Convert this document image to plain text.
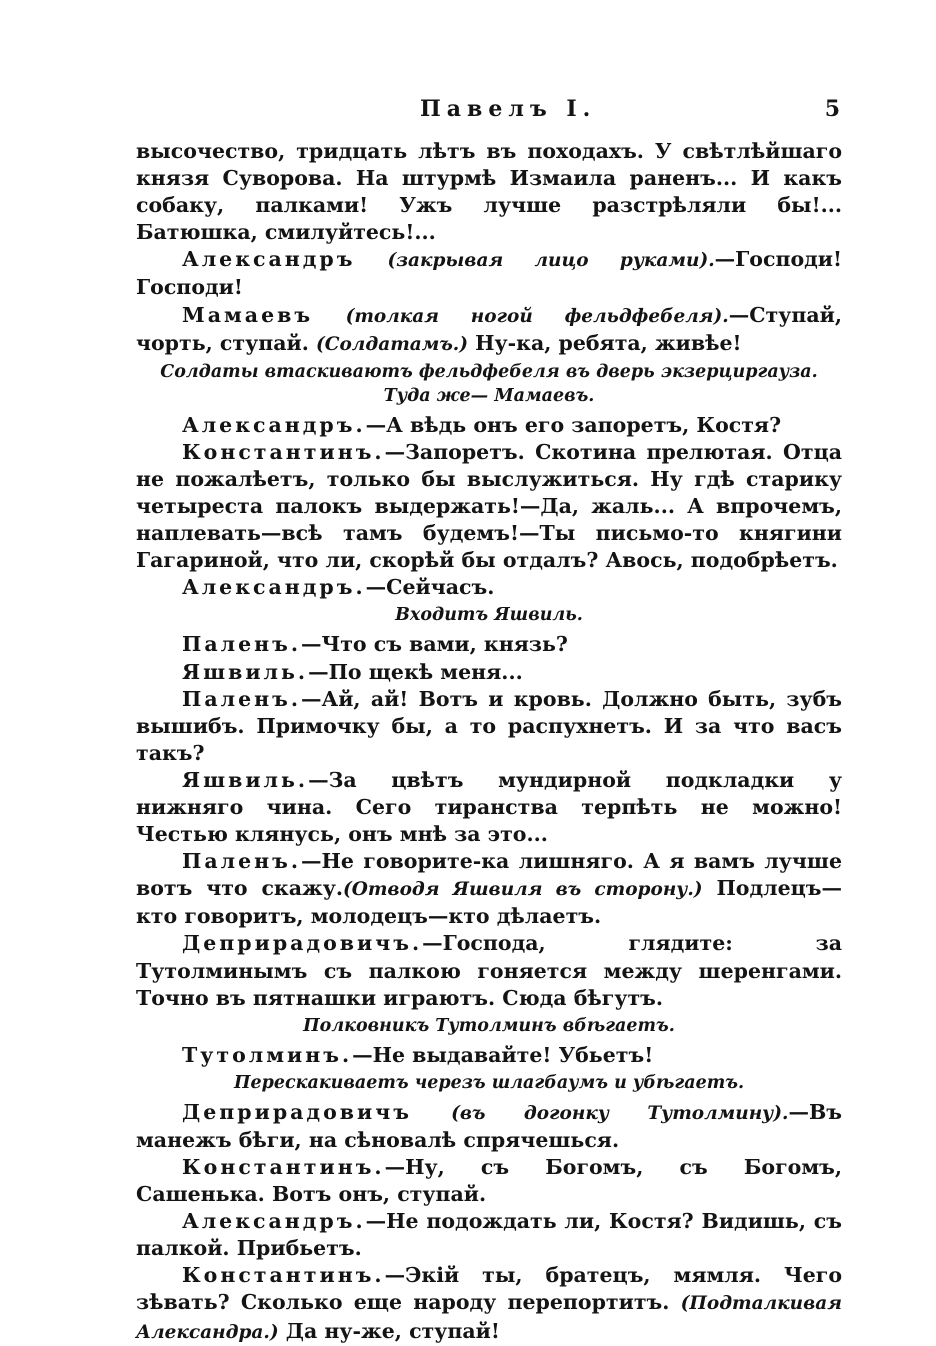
Павелъ I.	5

высочество, тридцать лѣтъ въ походахъ. У свѣтлѣйшаго князя Суворова. На штурмѣ Измаила раненъ... И какъ собаку, палками! Ужъ лучше разстрѣляли бы!... Батюшка, смилуйтесь!...

Александръ (закрывая лицо руками).—Господи! Господи!

Мамаевъ (толкая ногой фельдфебеля).—Ступай, чорть, ступай. (Солдатамъ.) Ну-ка, ребята, живѣе!

Солдаты втаскиваютъ фельдфебеля въ дверь экзерциргауза. Туда же— Мамаевъ.

Александръ.—А вѣдь онъ его запоретъ, Костя?

Константинъ.—Запоретъ. Скотина прелютая. Отца не пожалѣетъ, только бы выслужиться. Ну гдѣ старику четыреста палокъ выдержать!—Да, жаль... А впрочемъ, наплевать—всѣ тамъ будемъ!—Ты письмо-то княгини Гагариной, что ли, скорѣй бы отдалъ? Авось, подобрѣетъ.

Александръ.—Сейчасъ.

Входитъ Яшвиль.

Паленъ.—Что съ вами, князь?

Яшвиль.—По щекѣ меня...

Паленъ.—Ай, ай! Вотъ и кровь. Должно быть, зубъ вышибъ. Примочку бы, а то распухнетъ. И за что васъ такъ?

Яшвиль.—За цвѣтъ мундирной подкладки у нижняго чина. Сего тиранства терпѣть не можно! Честью клянусь, онъ мнѣ за это...

Паленъ.—Не говорите-ка лишняго. А я вамъ лучше вотъ что скажу.(Отводя Яшвиля въ сторону.) Подлецъ—кто говоритъ, молодецъ—кто дѣлаетъ.

Деприрадовичъ.—Господа, глядите: за Тутолминымъ съ палкою гоняется между шеренгами. Точно въ пятнашки играютъ. Сюда бѣгутъ.

Полковникъ Тутолминъ вбѣгаетъ.

Тутолминъ.—Не выдавайте! Убьетъ!

Перескакиваетъ черезъ шлагбаумъ и убѣгаетъ.

Деприрадовичъ (въ догонку Тутолмину).—Въ манежъ бѣги, на сѣновалѣ спрячешься.

Константинъ.—Ну, съ Богомъ, съ Богомъ, Сашенька. Вотъ онъ, ступай.

Александръ.—Не подождать ли, Костя? Видишь, съ палкой. Прибьетъ.

Константинъ.—Экій ты, братецъ, мямля. Чего зѣвать? Сколько еще народу перепортитъ. (Подталкивая Александра.) Да ну-же, ступай!
